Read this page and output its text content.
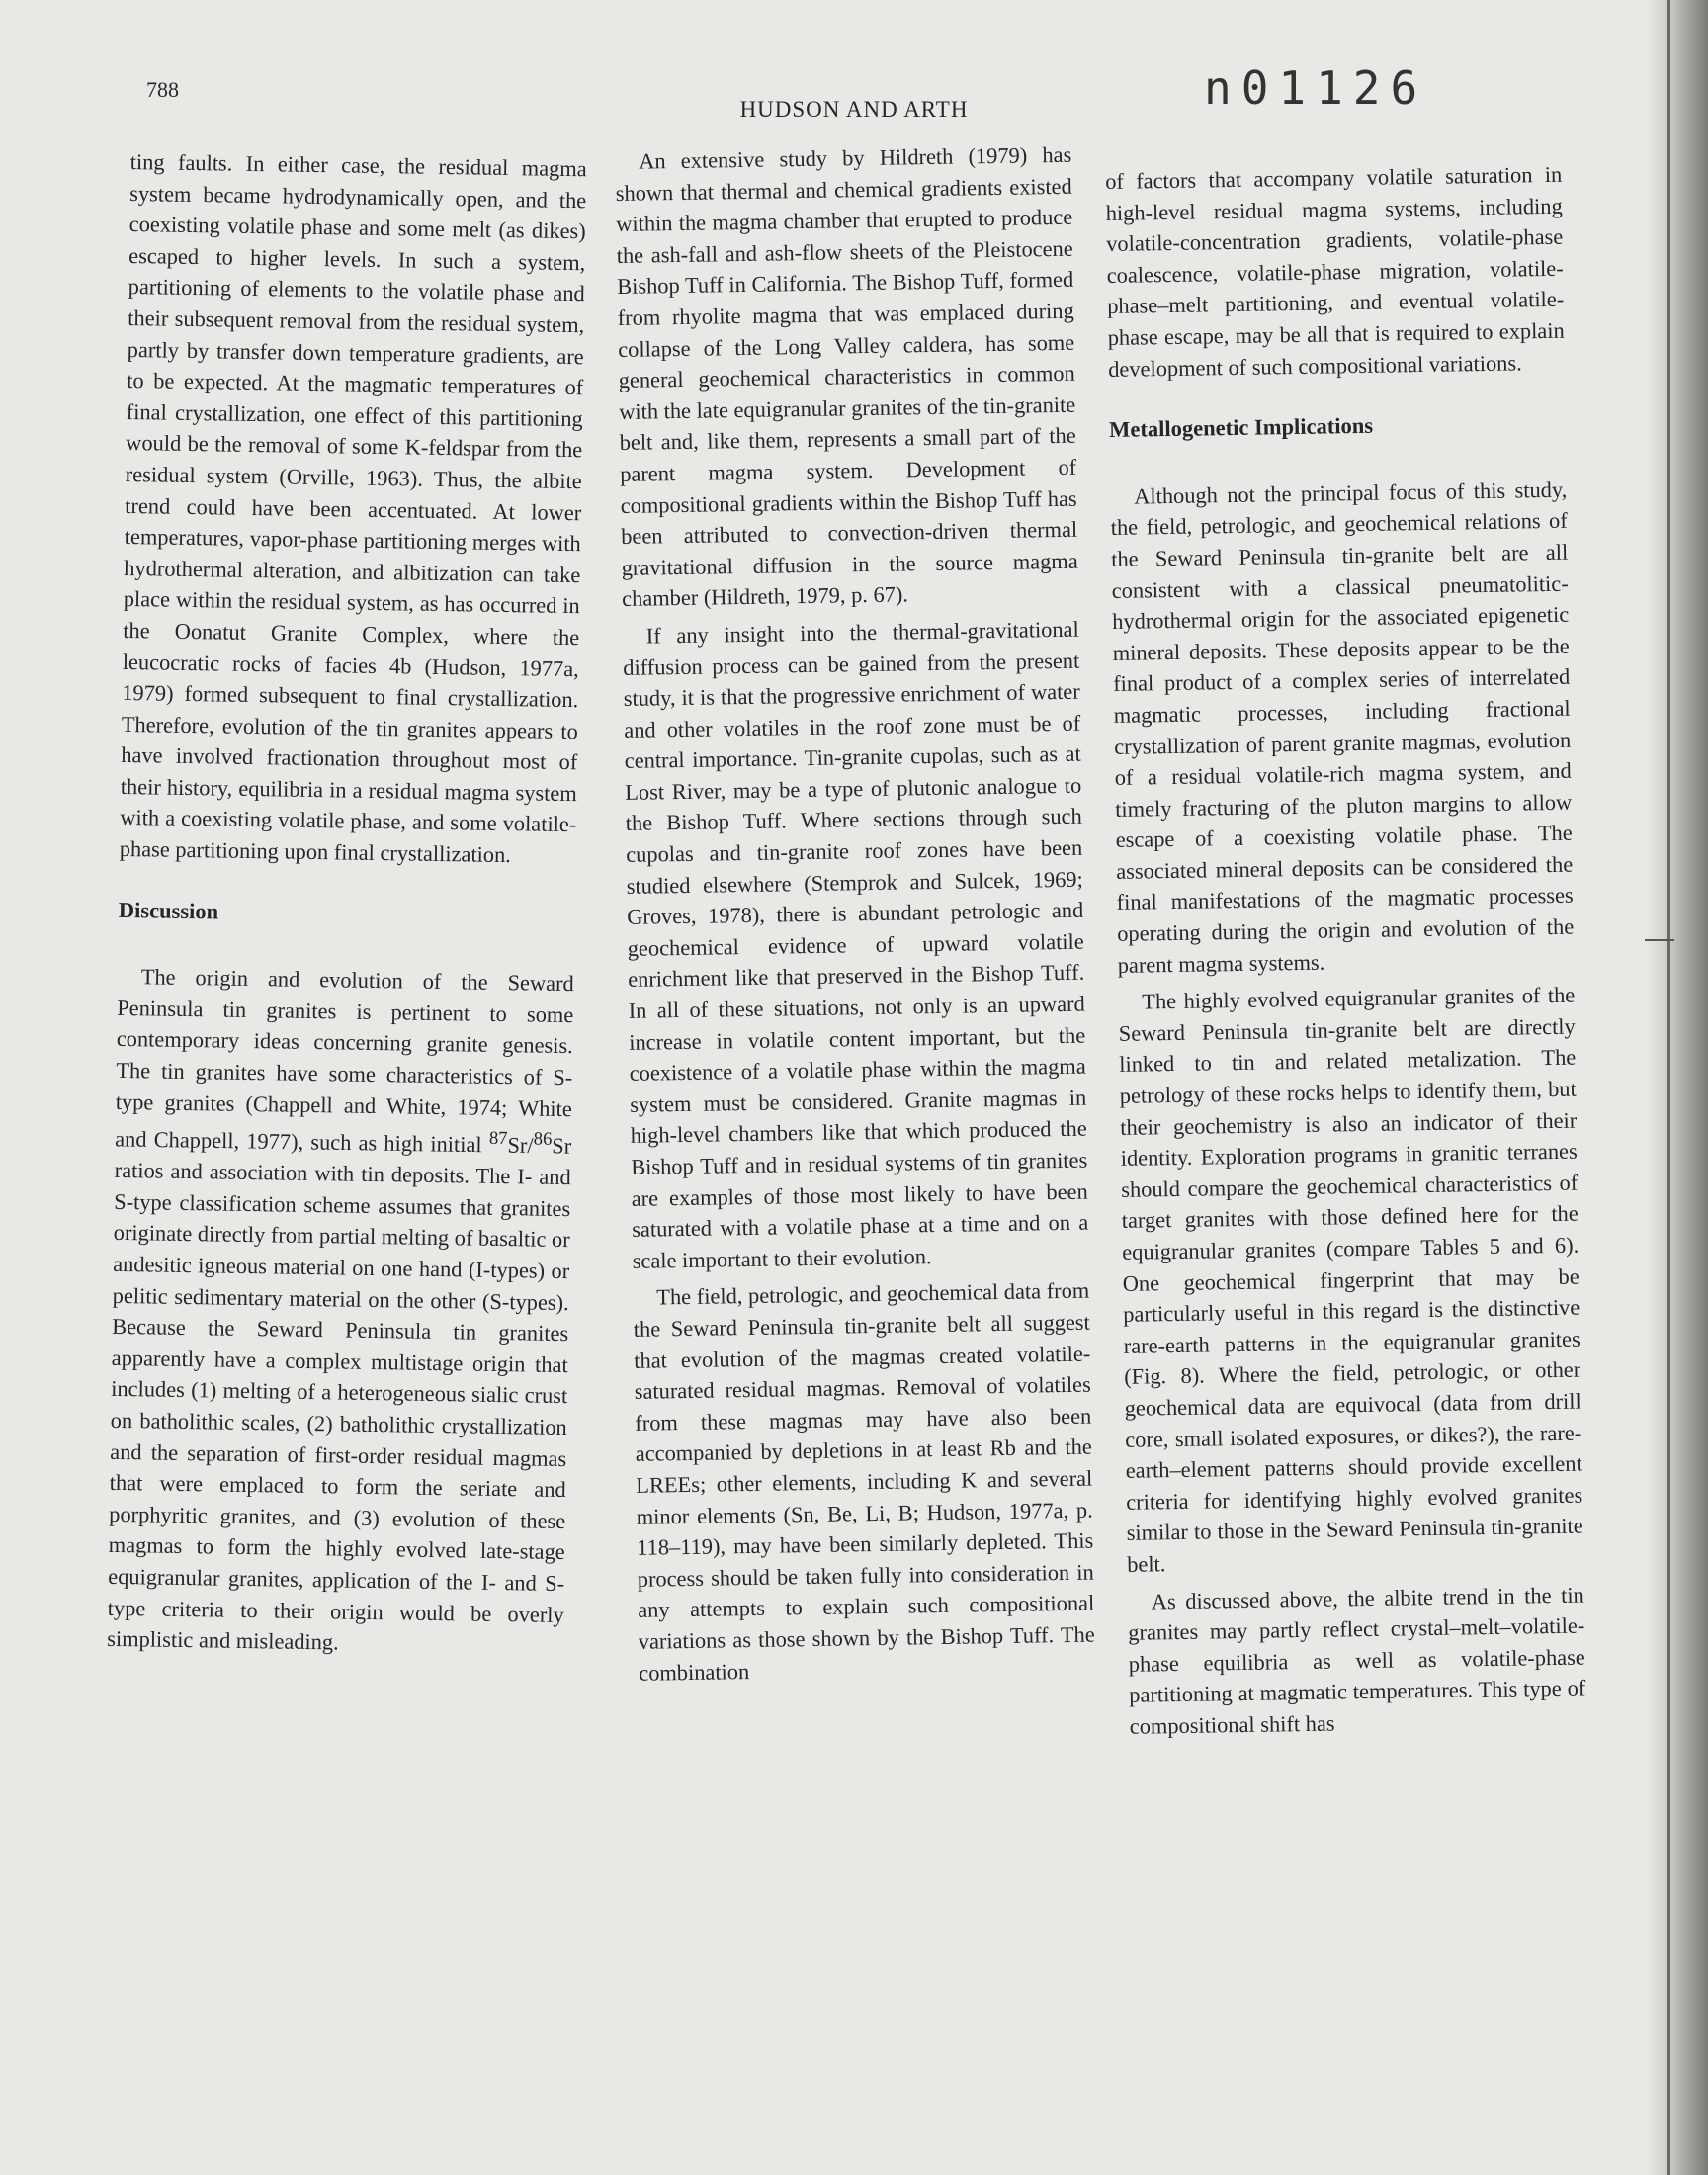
788
HUDSON AND ARTH	n01126

ting faults. In either case, the residual magma system became hydrodynamically open, and the coexisting volatile phase and some melt (as dikes) escaped to higher levels. In such a system, partitioning of elements to the volatile phase and their subsequent removal from the residual system, partly by transfer down temperature gradients, are to be expected. At the magmatic temperatures of final crystallization, one effect of this partitioning would be the removal of some K-feldspar from the residual system (Orville, 1963). Thus, the albite trend could have been accentuated. At lower temperatures, vapor-phase partitioning merges with hydrothermal alteration, and albitization can take place within the residual system, as has occurred in the Oonatut Granite Complex, where the leucocratic rocks of facies 4b (Hudson, 1977a, 1979) formed subsequent to final crystallization. Therefore, evolution of the tin granites appears to have involved fractionation throughout most of their history, equilibria in a residual magma system with a coexisting volatile phase, and some volatile-phase partitioning upon final crystallization.

Discussion

The origin and evolution of the Seward Peninsula tin granites is pertinent to some contemporary ideas concerning granite genesis. The tin granites have some characteristics of S-type granites (Chappell and White, 1974; White and Chappell, 1977), such as high initial $^{87}$Sr/$^{86}$Sr ratios and association with tin deposits. The I- and S-type classification scheme assumes that granites originate directly from partial melting of basaltic or andesitic igneous material on one hand (I-types) or pelitic sedimentary material on the other (S-types). Because the Seward Peninsula tin granites apparently have a complex multistage origin that includes (1) melting of a heterogeneous sialic crust on batholithic scales, (2) batholithic crystallization and the separation of first-order residual magmas that were emplaced to form the seriate and porphyritic granites, and (3) evolution of these magmas to form the highly evolved late-stage equigranular granites, application of the I- and S-type criteria to their origin would be overly simplistic and misleading.

An extensive study by Hildreth (1979) has shown that thermal and chemical gradients existed within the magma chamber that erupted to produce the ash-fall and ash-flow sheets of the Pleistocene Bishop Tuff in California. The Bishop Tuff, formed from rhyolite magma that was emplaced during collapse of the Long Valley caldera, has some general geochemical characteristics in common with the late equigranular granites of the tin-granite belt and, like them, represents a small part of the parent magma system. Development of compositional gradients within the Bishop Tuff has been attributed to convection-driven thermal gravitational diffusion in the source magma chamber (Hildreth, 1979, p. 67).

If any insight into the thermal-gravitational diffusion process can be gained from the present study, it is that the progressive enrichment of water and other volatiles in the roof zone must be of central importance. Tin-granite cupolas, such as at Lost River, may be a type of plutonic analogue to the Bishop Tuff. Where sections through such cupolas and tin-granite roof zones have been studied elsewhere (Stemprok and Sulcek, 1969; Groves, 1978), there is abundant petrologic and geochemical evidence of upward volatile enrichment like that preserved in the Bishop Tuff. In all of these situations, not only is an upward increase in volatile content important, but the coexistence of a volatile phase within the magma system must be considered. Granite magmas in high-level chambers like that which produced the Bishop Tuff and in residual systems of tin granites are examples of those most likely to have been saturated with a volatile phase at a time and on a scale important to their evolution.

The field, petrologic, and geochemical data from the Seward Peninsula tin-granite belt all suggest that evolution of the magmas created volatile-saturated residual magmas. Removal of volatiles from these magmas may have also been accompanied by depletions in at least Rb and the LREEs; other elements, including K and several minor elements (Sn, Be, Li, B; Hudson, 1977a, p. 118–119), may have been similarly depleted. This process should be taken fully into consideration in any attempts to explain such compositional variations as those shown by the Bishop Tuff. The combination

of factors that accompany volatile saturation in high-level residual magma systems, including volatile-concentration gradients, volatile-phase coalescence, volatile-phase migration, volatile-phase–melt partitioning, and eventual volatile-phase escape, may be all that is required to explain development of such compositional variations.

Metallogenetic Implications

Although not the principal focus of this study, the field, petrologic, and geochemical relations of the Seward Peninsula tin-granite belt are all consistent with a classical pneumatolitic-hydrothermal origin for the associated epigenetic mineral deposits. These deposits appear to be the final product of a complex series of interrelated magmatic processes, including fractional crystallization of parent granite magmas, evolution of a residual volatile-rich magma system, and timely fracturing of the pluton margins to allow escape of a coexisting volatile phase. The associated mineral deposits can be considered the final manifestations of the magmatic processes operating during the origin and evolution of the parent magma systems.

The highly evolved equigranular granites of the Seward Peninsula tin-granite belt are directly linked to tin and related metalization. The petrology of these rocks helps to identify them, but their geochemistry is also an indicator of their identity. Exploration programs in granitic terranes should compare the geochemical characteristics of target granites with those defined here for the equigranular granites (compare Tables 5 and 6). One geochemical fingerprint that may be particularly useful in this regard is the distinctive rare-earth patterns in the equigranular granites (Fig. 8). Where the field, petrologic, or other geochemical data are equivocal (data from drill core, small isolated exposures, or dikes?), the rare-earth–element patterns should provide excellent criteria for identifying highly evolved granites similar to those in the Seward Peninsula tin-granite belt.

As discussed above, the albite trend in the tin granites may partly reflect crystal–melt–volatile-phase equilibria as well as volatile-phase partitioning at magmatic temperatures. This type of compositional shift has
